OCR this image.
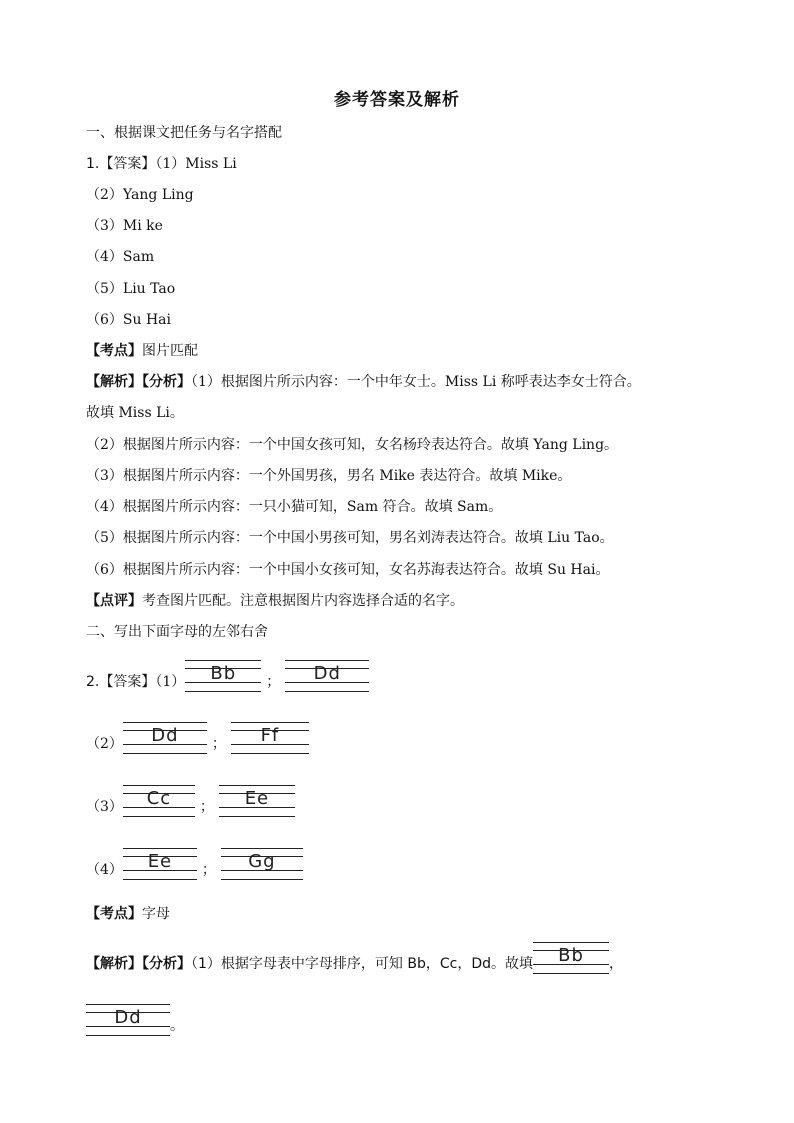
参考答案及解析
一、根据课文把任务与名字搭配
1.【答案】（1）Miss Li
（2）Yang Ling
（3）Mi ke
（4）Sam
（5）Liu Tao
（6）Su Hai
【考点】图片匹配
【解析】【分析】（1）根据图片所示内容：一个中年女士。Miss Li 称呼表达李女士符合。
故填 Miss Li。
（2）根据图片所示内容：一个中国女孩可知，女名杨玲表达符合。故填 Yang Ling。
（3）根据图片所示内容：一个外国男孩，男名 Mike 表达符合。故填 Mike。
（4）根据图片所示内容：一只小猫可知，Sam 符合。故填 Sam。
（5）根据图片所示内容：一个中国小男孩可知，男名刘涛表达符合。故填 Liu Tao。
（6）根据图片所示内容：一个中国小女孩可知，女名苏海表达符合。故填 Su Hai。
【点评】考查图片匹配。注意根据图片内容选择合适的名字。
二、写出下面字母的左邻右舍
2.【答案】（1）	Bb	；	Dd
（2）	Dd	；	Ff
（3）	Cc	；	Ee
（4）	Ee	；	Gg
【考点】字母
【解析】【分析】（1）根据字母表中字母排序，可知 Bb，Cc，Dd。故填	Bb	，
Dd	。
